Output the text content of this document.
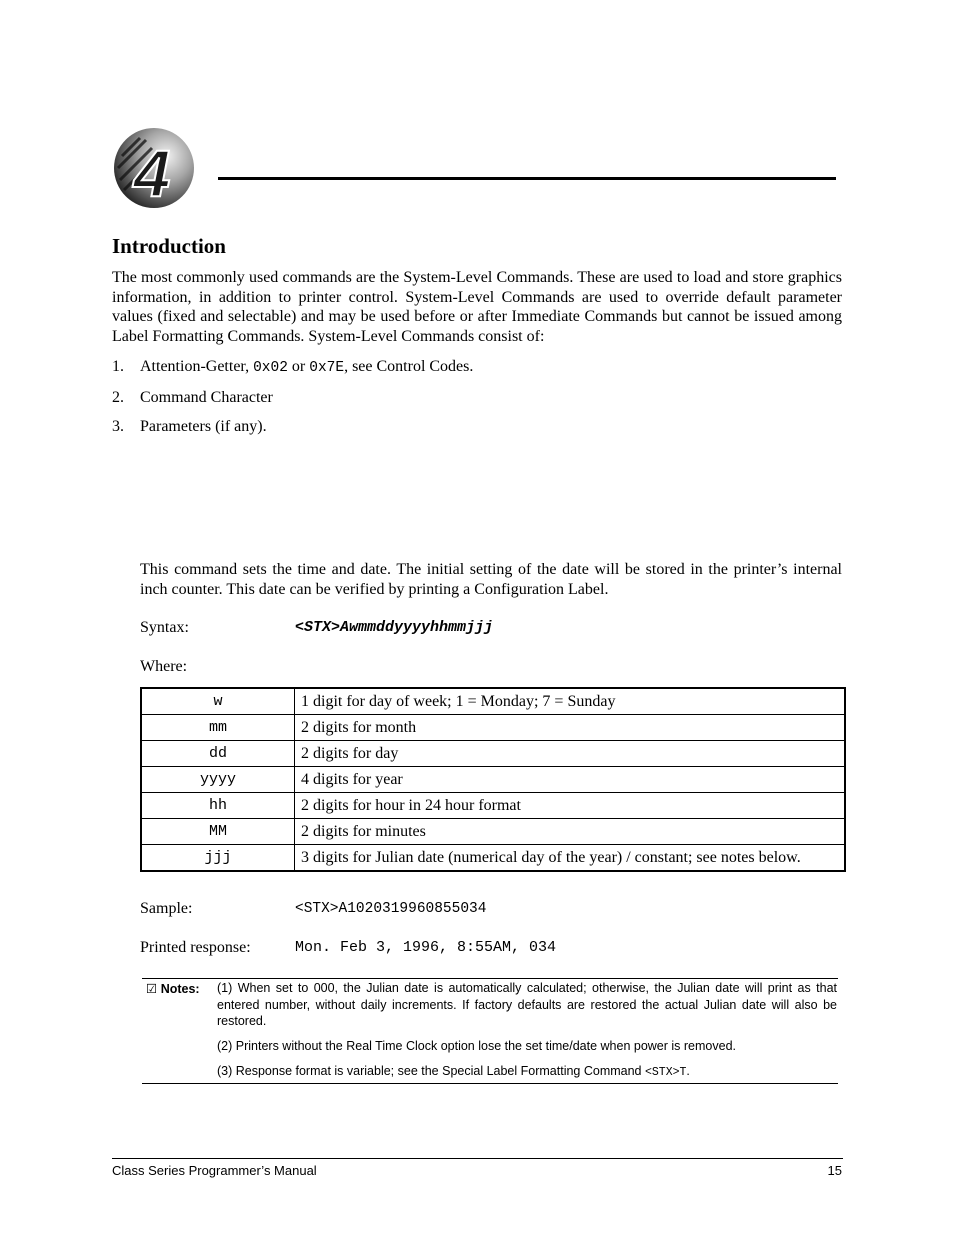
4
Introduction
The most commonly used commands are the System-Level Commands. These are used to load and store graphics information, in addition to printer control. System-Level Commands are used to override default parameter values (fixed and selectable) and may be used before or after Immediate Commands but cannot be issued among Label Formatting Commands. System-Level Commands consist of:
1. Attention-Getter, 0x02 or 0x7E, see Control Codes.
2. Command Character
3. Parameters (if any).
This command sets the time and date. The initial setting of the date will be stored in the printer’s internal inch counter. This date can be verified by printing a Configuration Label.
Syntax:	<STX>Awmmddyyyyhhmmjjj
Where:
w	1 digit for day of week; 1 = Monday; 7 = Sunday
mm	2 digits for month
dd	2 digits for day
yyyy	4 digits for year
hh	2 digits for hour in 24 hour format
MM	2 digits for minutes
jjj	3 digits for Julian date (numerical day of the year) / constant; see notes below.
Sample:	<STX>A1020319960855034
Printed response:	Mon. Feb 3, 1996, 8:55AM, 034
☑ Notes: (1) When set to 000, the Julian date is automatically calculated; otherwise, the Julian date will print as that entered number, without daily increments. If factory defaults are restored the actual Julian date will also be restored.
(2) Printers without the Real Time Clock option lose the set time/date when power is removed.
(3) Response format is variable; see the Special Label Formatting Command <STX>T.
Class Series Programmer’s Manual	15
